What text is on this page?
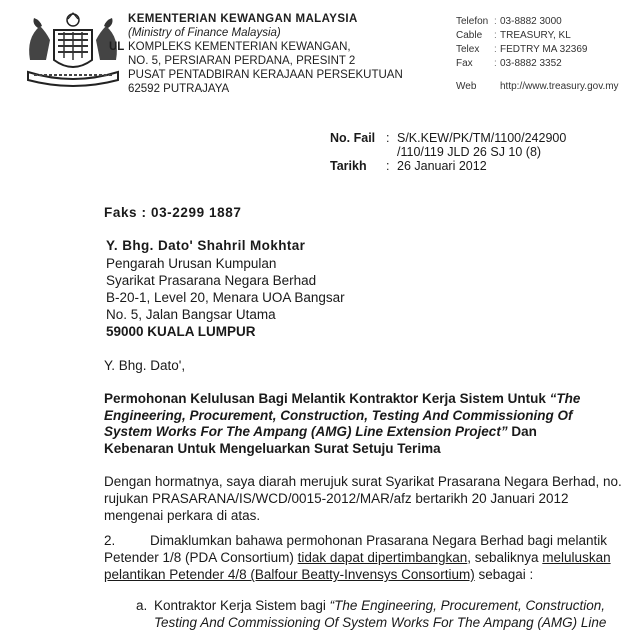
KEMENTERIAN KEWANGAN MALAYSIA
(Ministry of Finance Malaysia)
KOMPLEKS KEMENTERIAN KEWANGAN,
NO. 5, PERSIARAN PERDANA, PRESINT 2
PUSAT PENTADBIRAN KERAJAAN PERSEKUTUAN
62592 PUTRAJAYA
UL
Telefon
Cable
Telex
Fax
Web
:
:
:
:
03-8882 3000
TREASURY, KL
FEDTRY MA 32369
03-8882 3352
http://www.treasury.gov.my
No. Fail : S/K.KEW/PK/TM/1100/242900
/110/119 JLD 26 SJ 10 (8)
Tarikh : 26 Januari 2012
Faks : 03-2299 1887
Y. Bhg. Dato' Shahril Mokhtar
Pengarah Urusan Kumpulan
Syarikat Prasarana Negara Berhad
B-20-1, Level 20, Menara UOA Bangsar
No. 5, Jalan Bangsar Utama
59000 KUALA LUMPUR
Y. Bhg. Dato',
Permohonan Kelulusan Bagi Melantik Kontraktor Kerja Sistem Untuk “The
Engineering, Procurement, Construction, Testing And Commissioning Of
System Works For The Ampang (AMG) Line Extension Project” Dan
Kebenaran Untuk Mengeluarkan Surat Setuju Terima
Dengan hormatnya, saya diarah merujuk surat Syarikat Prasarana Negara Berhad, no.
rujukan PRASARANA/IS/WCD/0015-2012/MAR/afz bertarikh 20 Januari 2012
mengenai perkara di atas.
2.	Dimaklumkan bahawa permohonan Prasarana Negara Berhad bagi melantik
Petender 1/8 (PDA Consortium) tidak dapat dipertimbangkan, sebaliknya meluluskan
pelantikan Petender 4/8 (Balfour Beatty-Invensys Consortium) sebagai :
a. Kontraktor Kerja Sistem bagi “The Engineering, Procurement, Construction,
Testing And Commissioning Of System Works For The Ampang (AMG) Line
